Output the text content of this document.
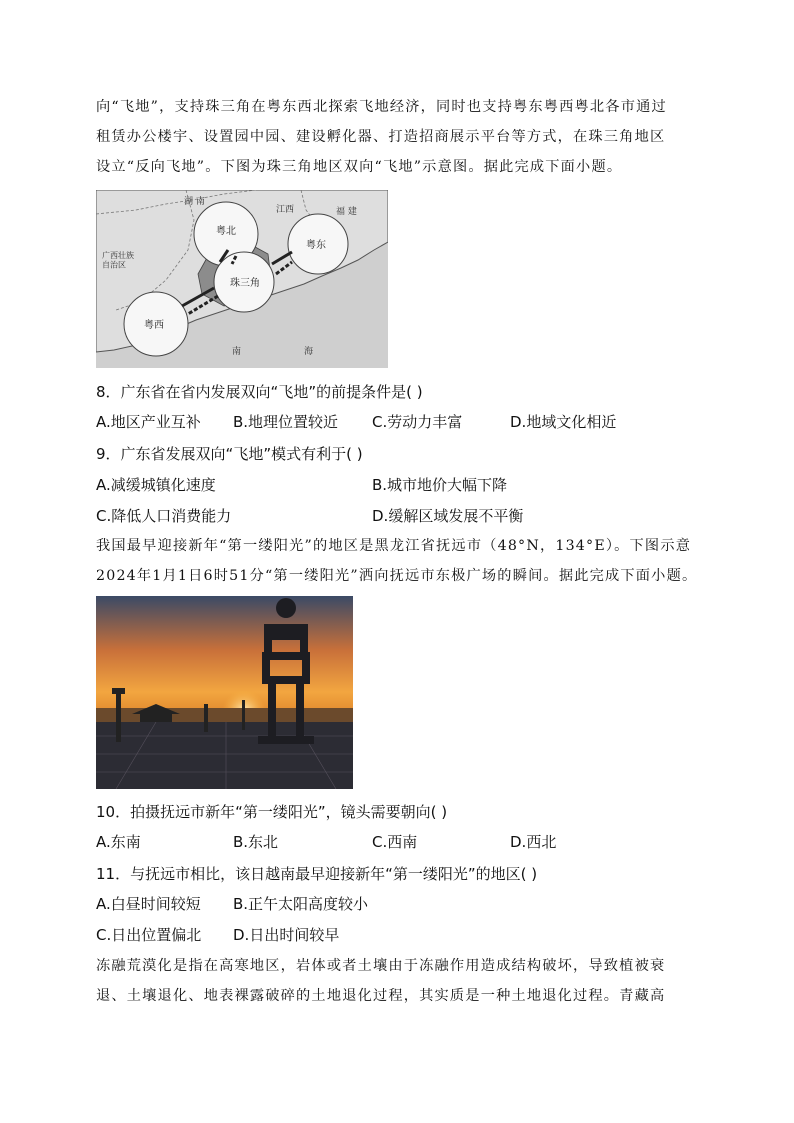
向“飞地”，支持珠三角在粤东西北探索飞地经济，同时也支持粤东粤西粤北各市通过
租赁办公楼宇、设置园中园、建设孵化器、打造招商展示平台等方式，在珠三角地区
设立“反向飞地”。下图为珠三角地区双向“飞地”示意图。据此完成下面小题。
湖 南
江西	福 建
广西壮族自治区
粤北
粤东
粤西
珠三角
南	海
8．广东省在省内发展双向“飞地”的前提条件是( )
A.地区产业互补 B.地理位置较近 C.劳动力丰富	D.地域文化相近
9．广东省发展双向“飞地”模式有利于( )
A.减缓城镇化速度	B.城市地价大幅下降
C.降低人口消费能力	D.缓解区域发展不平衡
我国最早迎接新年“第一缕阳光”的地区是黑龙江省抚远市（48°N，134°E）。下图示意
2024年1月1日6时51分“第一缕阳光”洒向抚远市东极广场的瞬间。据此完成下面小题。
10．拍摄抚远市新年“第一缕阳光”，镜头需要朝向( )
A.东南	B.东北	C.西南	D.西北
11．与抚远市相比，该日越南最早迎接新年“第一缕阳光”的地区( )
A.白昼时间较短 B.正午太阳高度较小
C.日出位置偏北 D.日出时间较早
冻融荒漠化是指在高寒地区，岩体或者土壤由于冻融作用造成结构破坏，导致植被衰
退、土壤退化、地表裸露破碎的土地退化过程，其实质是一种土地退化过程。青藏高
